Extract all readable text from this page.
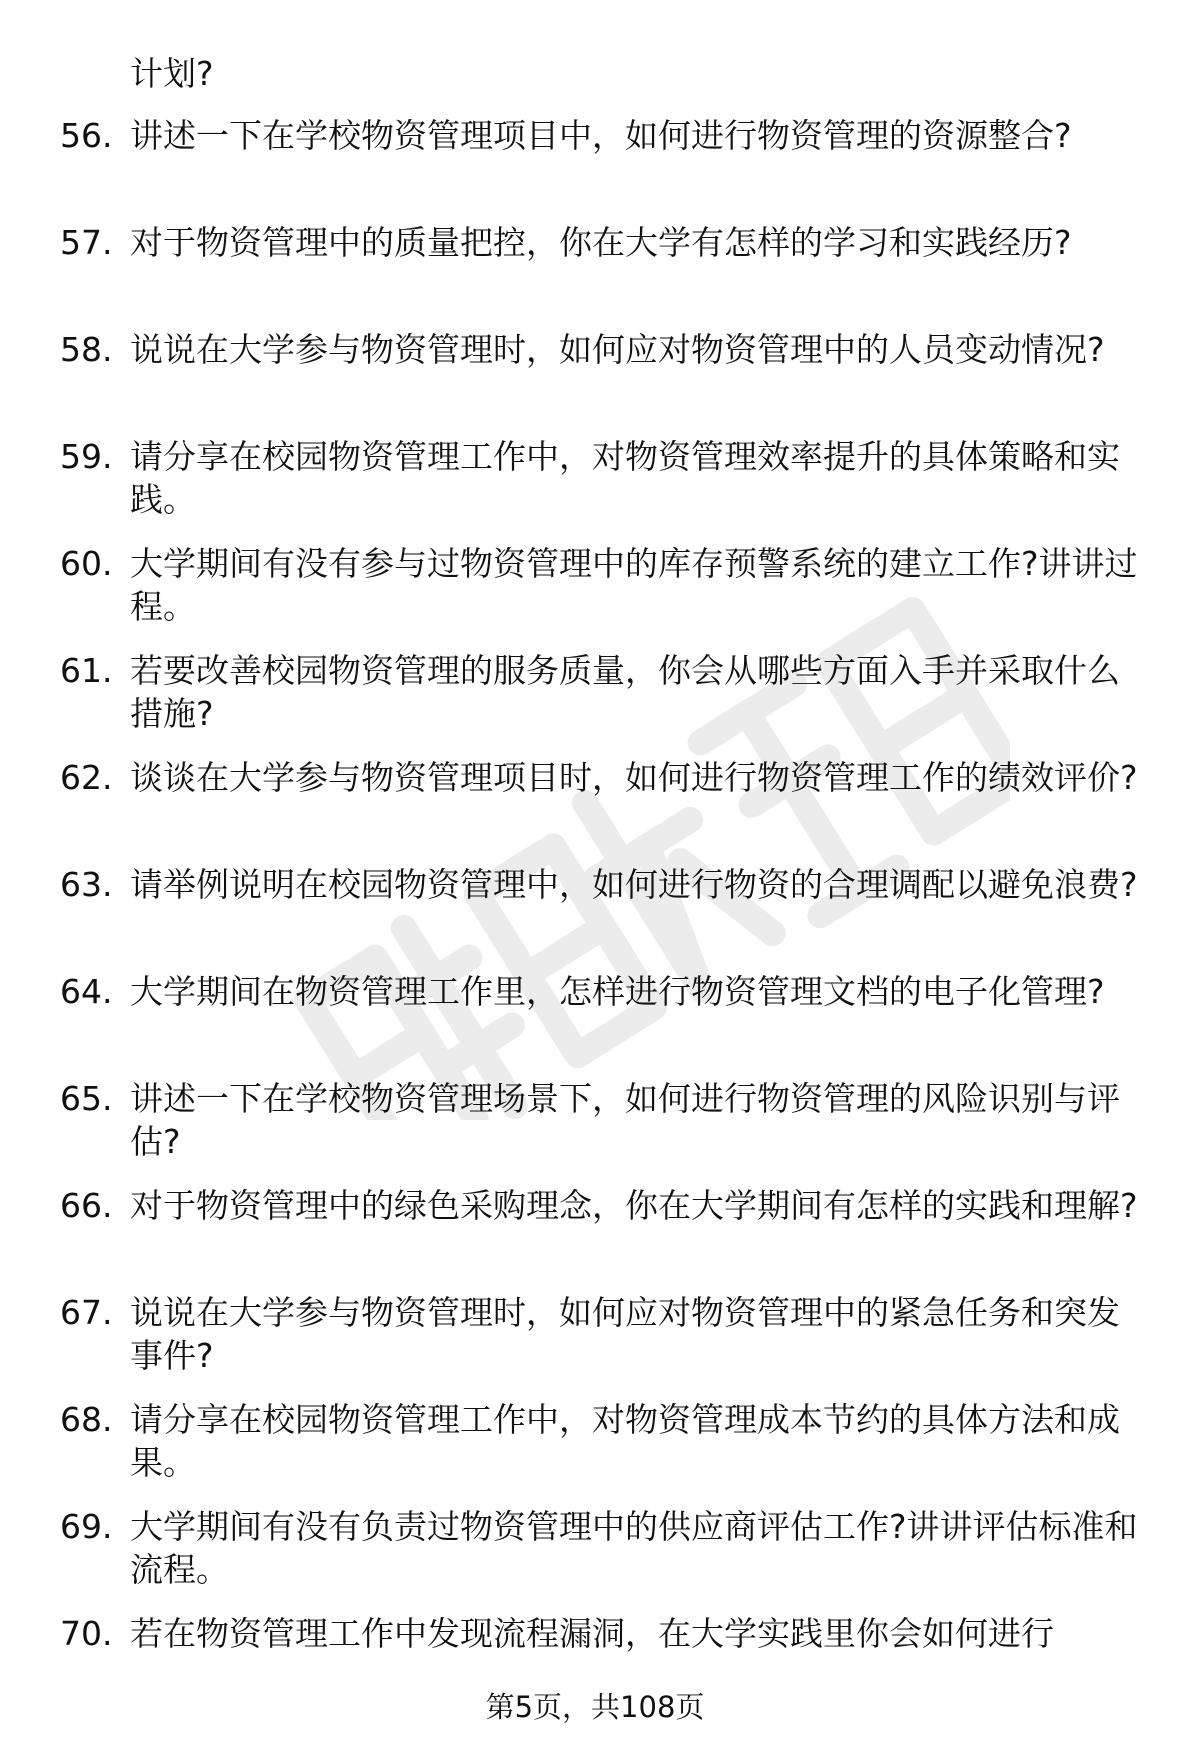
计划?
56. 讲述一下在学校物资管理项目中，如何进行物资管理的资源整合?
57. 对于物资管理中的质量把控，你在大学有怎样的学习和实践经历?
58. 说说在大学参与物资管理时，如何应对物资管理中的人员变动情况?
59. 请分享在校园物资管理工作中，对物资管理效率提升的具体策略和实践。
60. 大学期间有没有参与过物资管理中的库存预警系统的建立工作?讲讲过程。
61. 若要改善校园物资管理的服务质量，你会从哪些方面入手并采取什么措施?
62. 谈谈在大学参与物资管理项目时，如何进行物资管理工作的绩效评价?
63. 请举例说明在校园物资管理中，如何进行物资的合理调配以避免浪费?
64. 大学期间在物资管理工作里，怎样进行物资管理文档的电子化管理?
65. 讲述一下在学校物资管理场景下，如何进行物资管理的风险识别与评估?
66. 对于物资管理中的绿色采购理念，你在大学期间有怎样的实践和理解?
67. 说说在大学参与物资管理时，如何应对物资管理中的紧急任务和突发事件?
68. 请分享在校园物资管理工作中，对物资管理成本节约的具体方法和成果。
69. 大学期间有没有负责过物资管理中的供应商评估工作?讲讲评估标准和流程。
70. 若在物资管理工作中发现流程漏洞，在大学实践里你会如何进行
第5页，共108页
